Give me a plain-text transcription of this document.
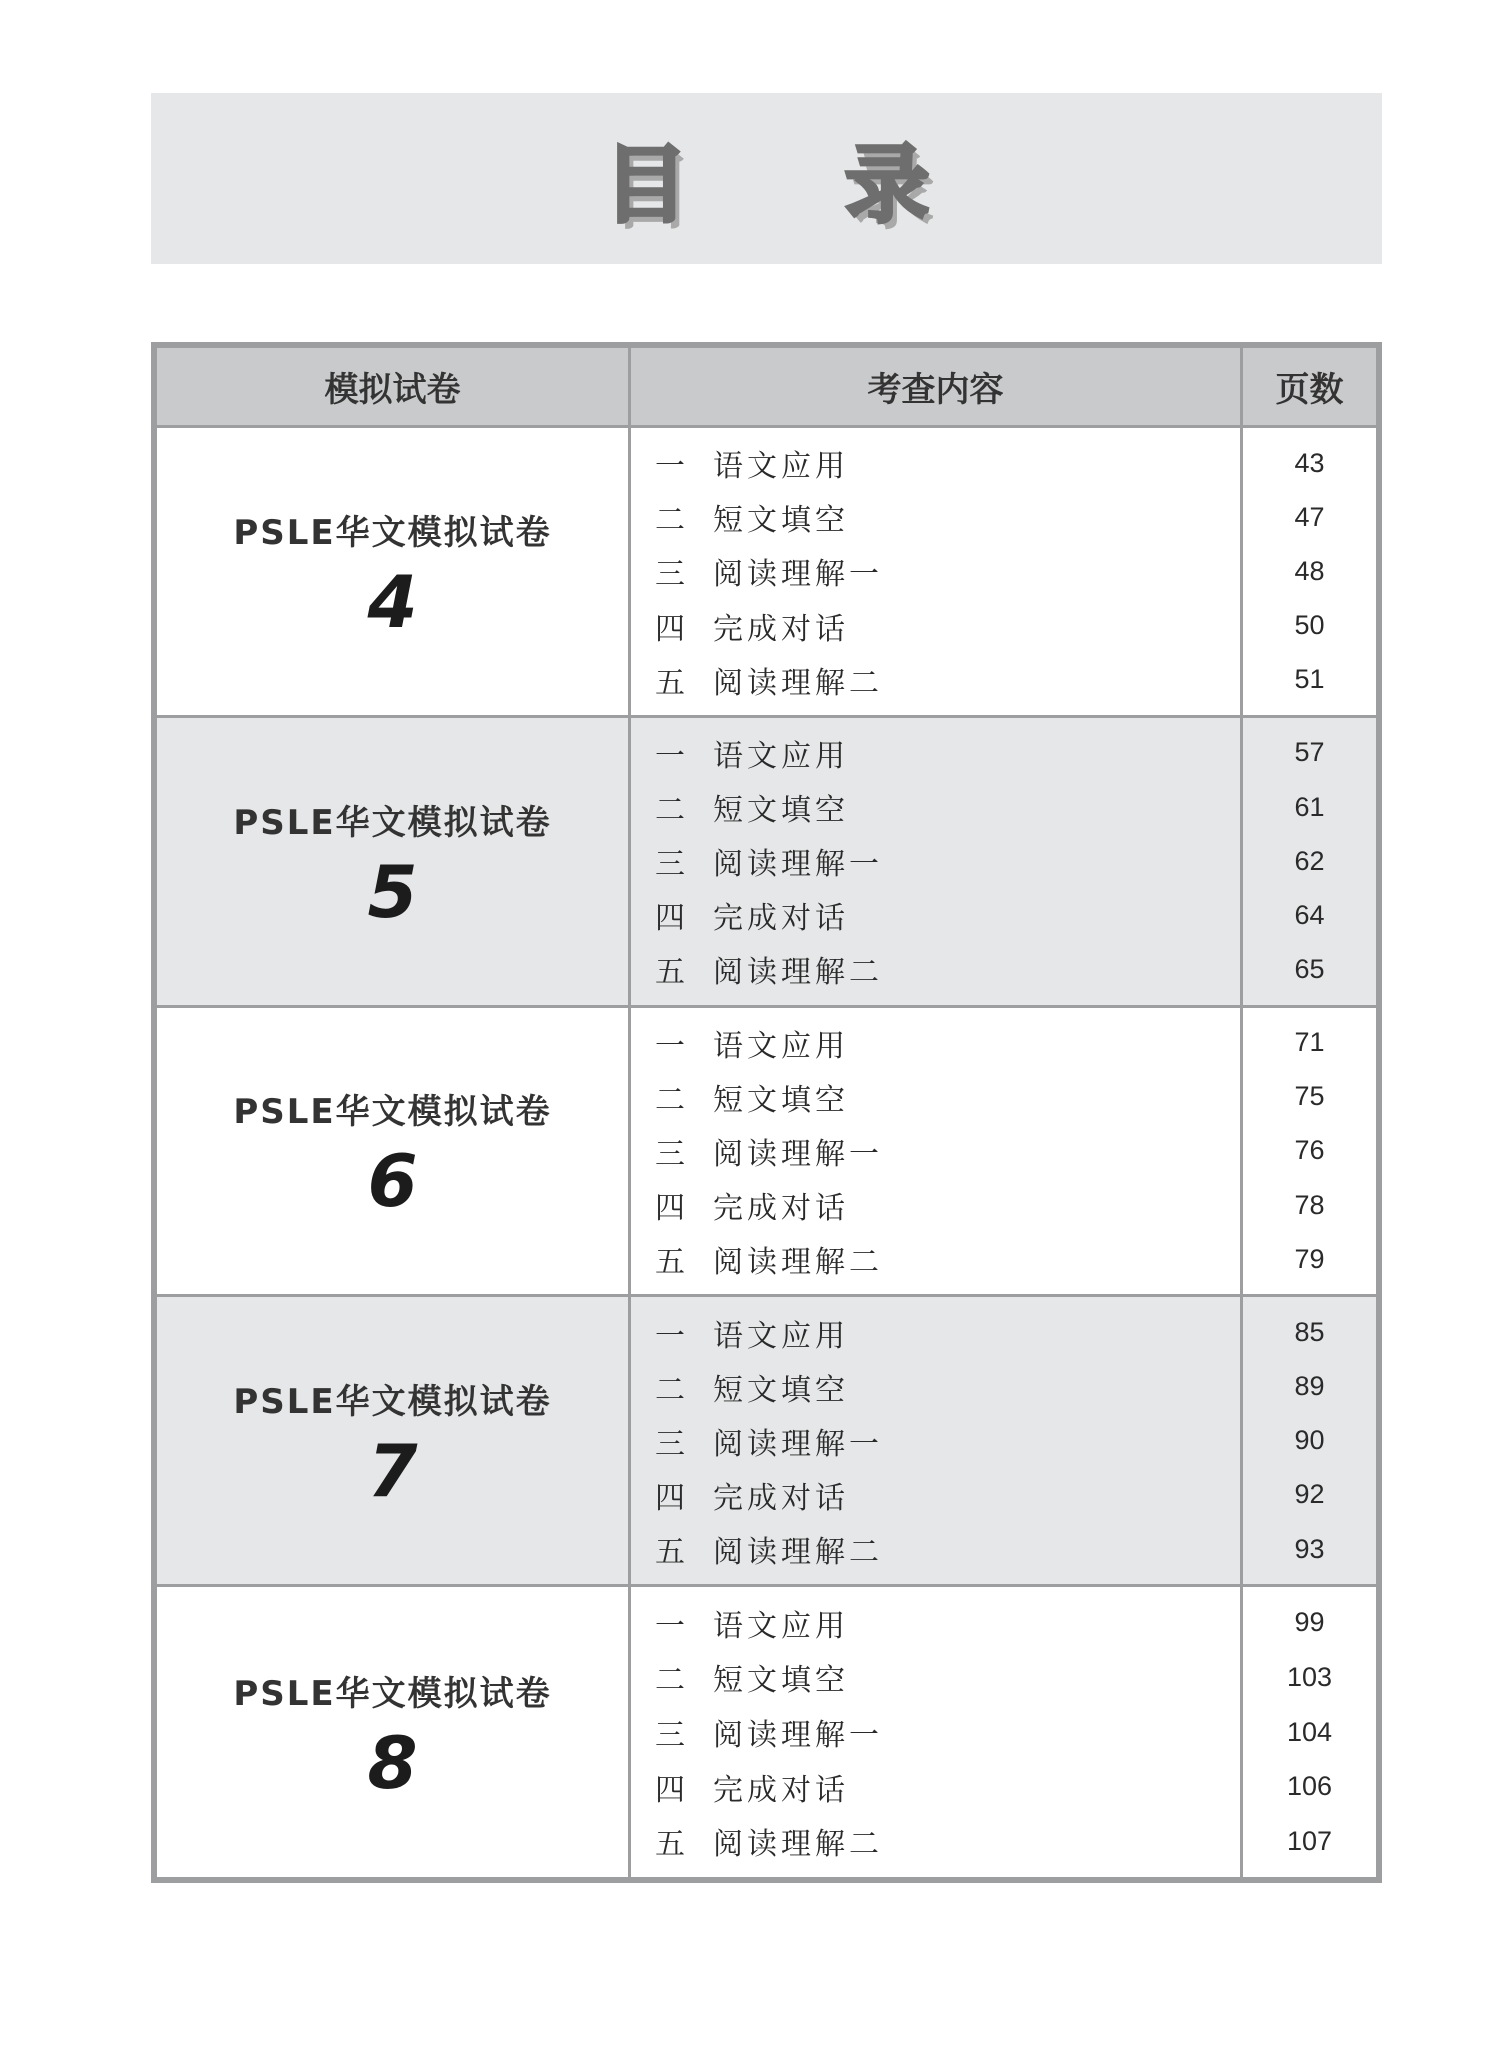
目 录
模拟试卷	考查内容	页数
PSLE华文模拟试卷
4
一 语文应用
二 短文填空
三 阅读理解一
四 完成对话
五 阅读理解二
43
47
48
50
51
PSLE华文模拟试卷
5
一 语文应用
二 短文填空
三 阅读理解一
四 完成对话
五 阅读理解二
57
61
62
64
65
PSLE华文模拟试卷
6
一 语文应用
二 短文填空
三 阅读理解一
四 完成对话
五 阅读理解二
71
75
76
78
79
PSLE华文模拟试卷
7
一 语文应用
二 短文填空
三 阅读理解一
四 完成对话
五 阅读理解二
85
89
90
92
93
PSLE华文模拟试卷
8
一 语文应用
二 短文填空
三 阅读理解一
四 完成对话
五 阅读理解二
99
103
104
106
107
